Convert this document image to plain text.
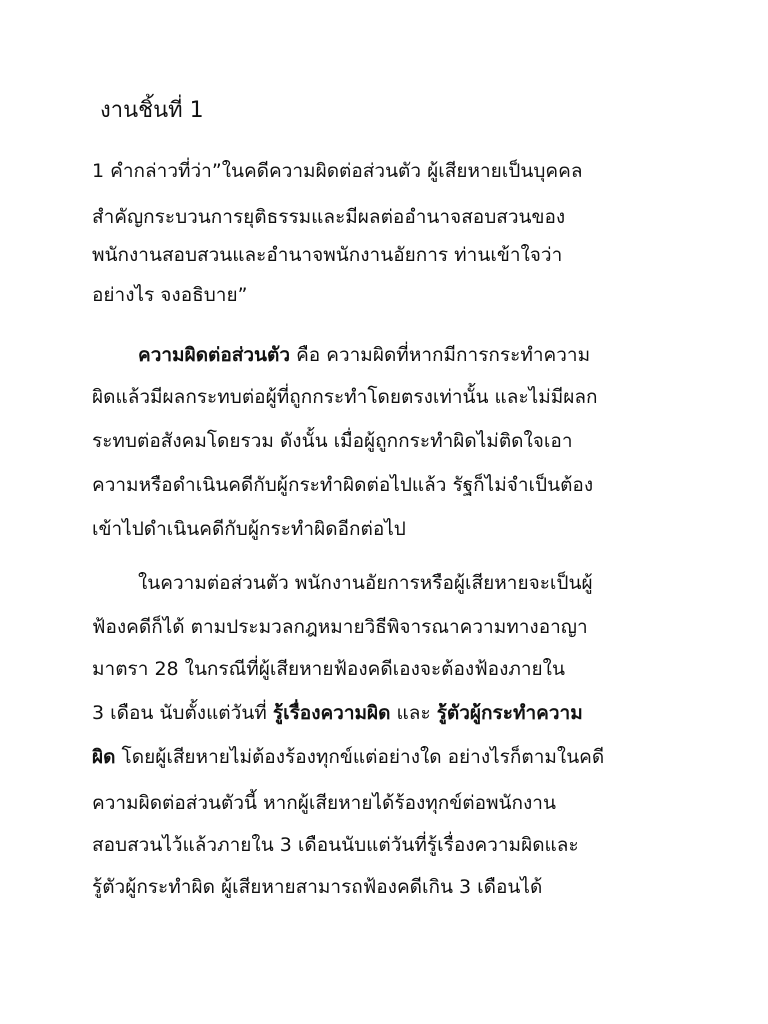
งานชิ้นที่ 1

1 คำกล่าวที่ว่า”ในคดีความผิดต่อส่วนตัว ผู้เสียหายเป็นบุคคล

สำคัญกระบวนการยุติธรรมและมีผลต่ออำนาจสอบสวนของ

พนักงานสอบสวนและอำนาจพนักงานอัยการ ท่านเข้าใจว่า

อย่างไร จงอธิบาย”

ความผิดต่อส่วนตัว คือ ความผิดที่หากมีการกระทำความ

ผิดแล้วมีผลกระทบต่อผู้ที่ถูกกระทำโดยตรงเท่านั้น และไม่มีผลก

ระทบต่อสังคมโดยรวม ดังนั้น เมื่อผู้ถูกกระทำผิดไม่ติดใจเอา

ความหรือดำเนินคดีกับผู้กระทำผิดต่อไปแล้ว รัฐก็ไม่จำเป็นต้อง

เข้าไปดำเนินคดีกับผู้กระทำผิดอีกต่อไป

ในความต่อส่วนตัว พนักงานอัยการหรือผู้เสียหายจะเป็นผู้

ฟ้องคดีก็ได้ ตามประมวลกฎหมายวิธีพิจารณาความทางอาญา

มาตรา 28 ในกรณีที่ผู้เสียหายฟ้องคดีเองจะต้องฟ้องภายใน

3 เดือน นับตั้งแต่วันที่ รู้เรื่องความผิด และ รู้ตัวผู้กระทำความ

ผิด โดยผู้เสียหายไม่ต้องร้องทุกข์แต่อย่างใด อย่างไรก็ตามในคดี

ความผิดต่อส่วนตัวนี้ หากผู้เสียหายได้ร้องทุกข์ต่อพนักงาน

สอบสวนไว้แล้วภายใน 3 เดือนนับแต่วันที่รู้เรื่องความผิดและ

รู้ตัวผู้กระทำผิด ผู้เสียหายสามารถฟ้องคดีเกิน 3 เดือนได้
